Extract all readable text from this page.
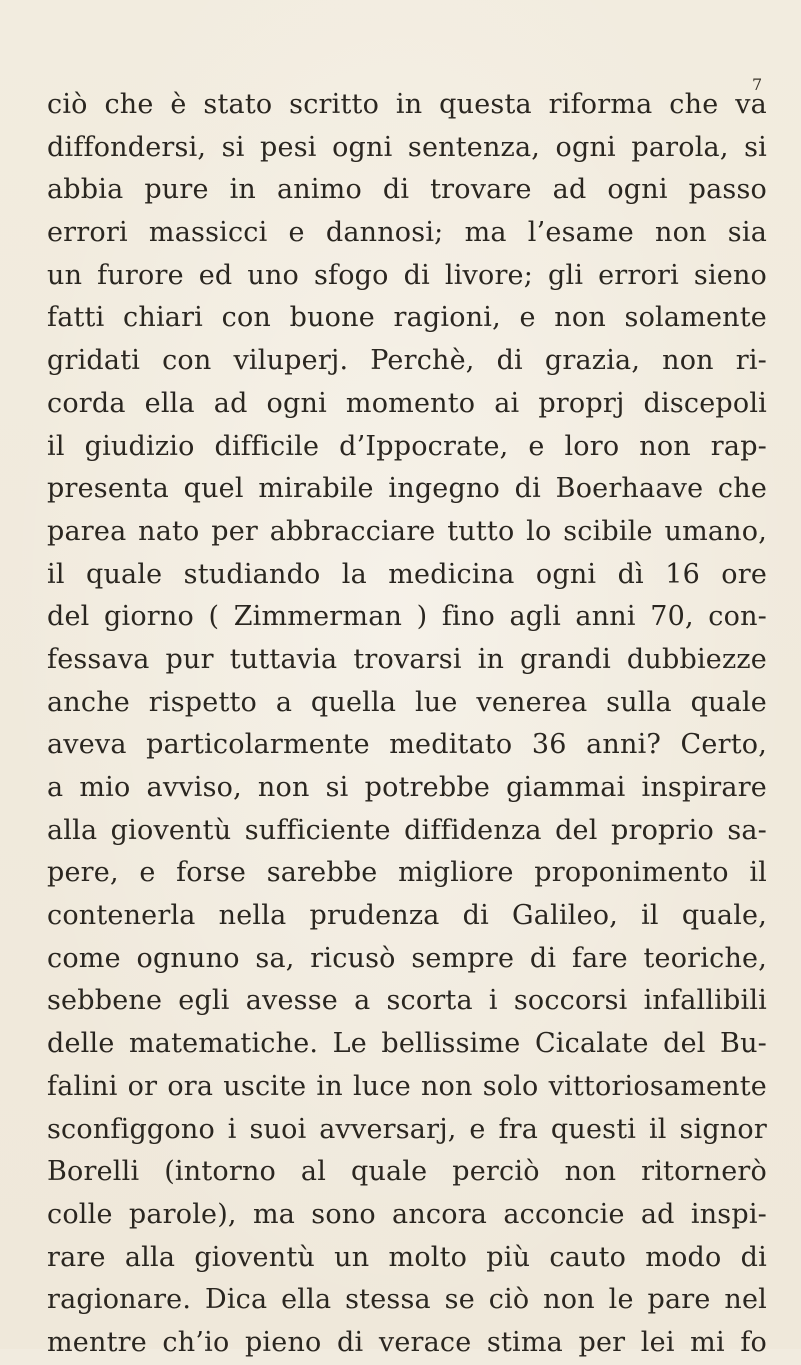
7
ciò che è stato scritto in questa riforma che va
diffondersi, si pesi ogni sentenza, ogni parola, si
abbia pure in animo di trovare ad ogni passo
errori massicci e dannosi; ma l’esame non sia
un furore ed uno sfogo di livore; gli errori sieno
fatti chiari con buone ragioni, e non solamente
gridati con viluperj. Perchè, di grazia, non ri-
corda ella ad ogni momento ai proprj discepoli
il giudizio difficile d’Ippocrate, e loro non rap-
presenta quel mirabile ingegno di Boerhaave che
parea nato per abbracciare tutto lo scibile umano,
il quale studiando la medicina ogni dì 16 ore
del giorno ( Zimmerman ) fino agli anni 70, con-
fessava pur tuttavia trovarsi in grandi dubbiezze
anche rispetto a quella lue venerea sulla quale
aveva particolarmente meditato 36 anni? Certo,
a mio avviso, non si potrebbe giammai inspirare
alla gioventù sufficiente diffidenza del proprio sa-
pere, e forse sarebbe migliore proponimento il
contenerla nella prudenza di Galileo, il quale,
come ognuno sa, ricusò sempre di fare teoriche,
sebbene egli avesse a scorta i soccorsi infallibili
delle matematiche. Le bellissime Cicalate del Bu-
falini or ora uscite in luce non solo vittoriosamente
sconfiggono i suoi avversarj, e fra questi il signor
Borelli (intorno al quale perciò non ritornerò
colle parole), ma sono ancora acconcie ad inspi-
rare alla gioventù un molto più cauto modo di
ragionare. Dica ella stessa se ciò non le pare nel
mentre ch’io pieno di verace stima per lei mi fo
